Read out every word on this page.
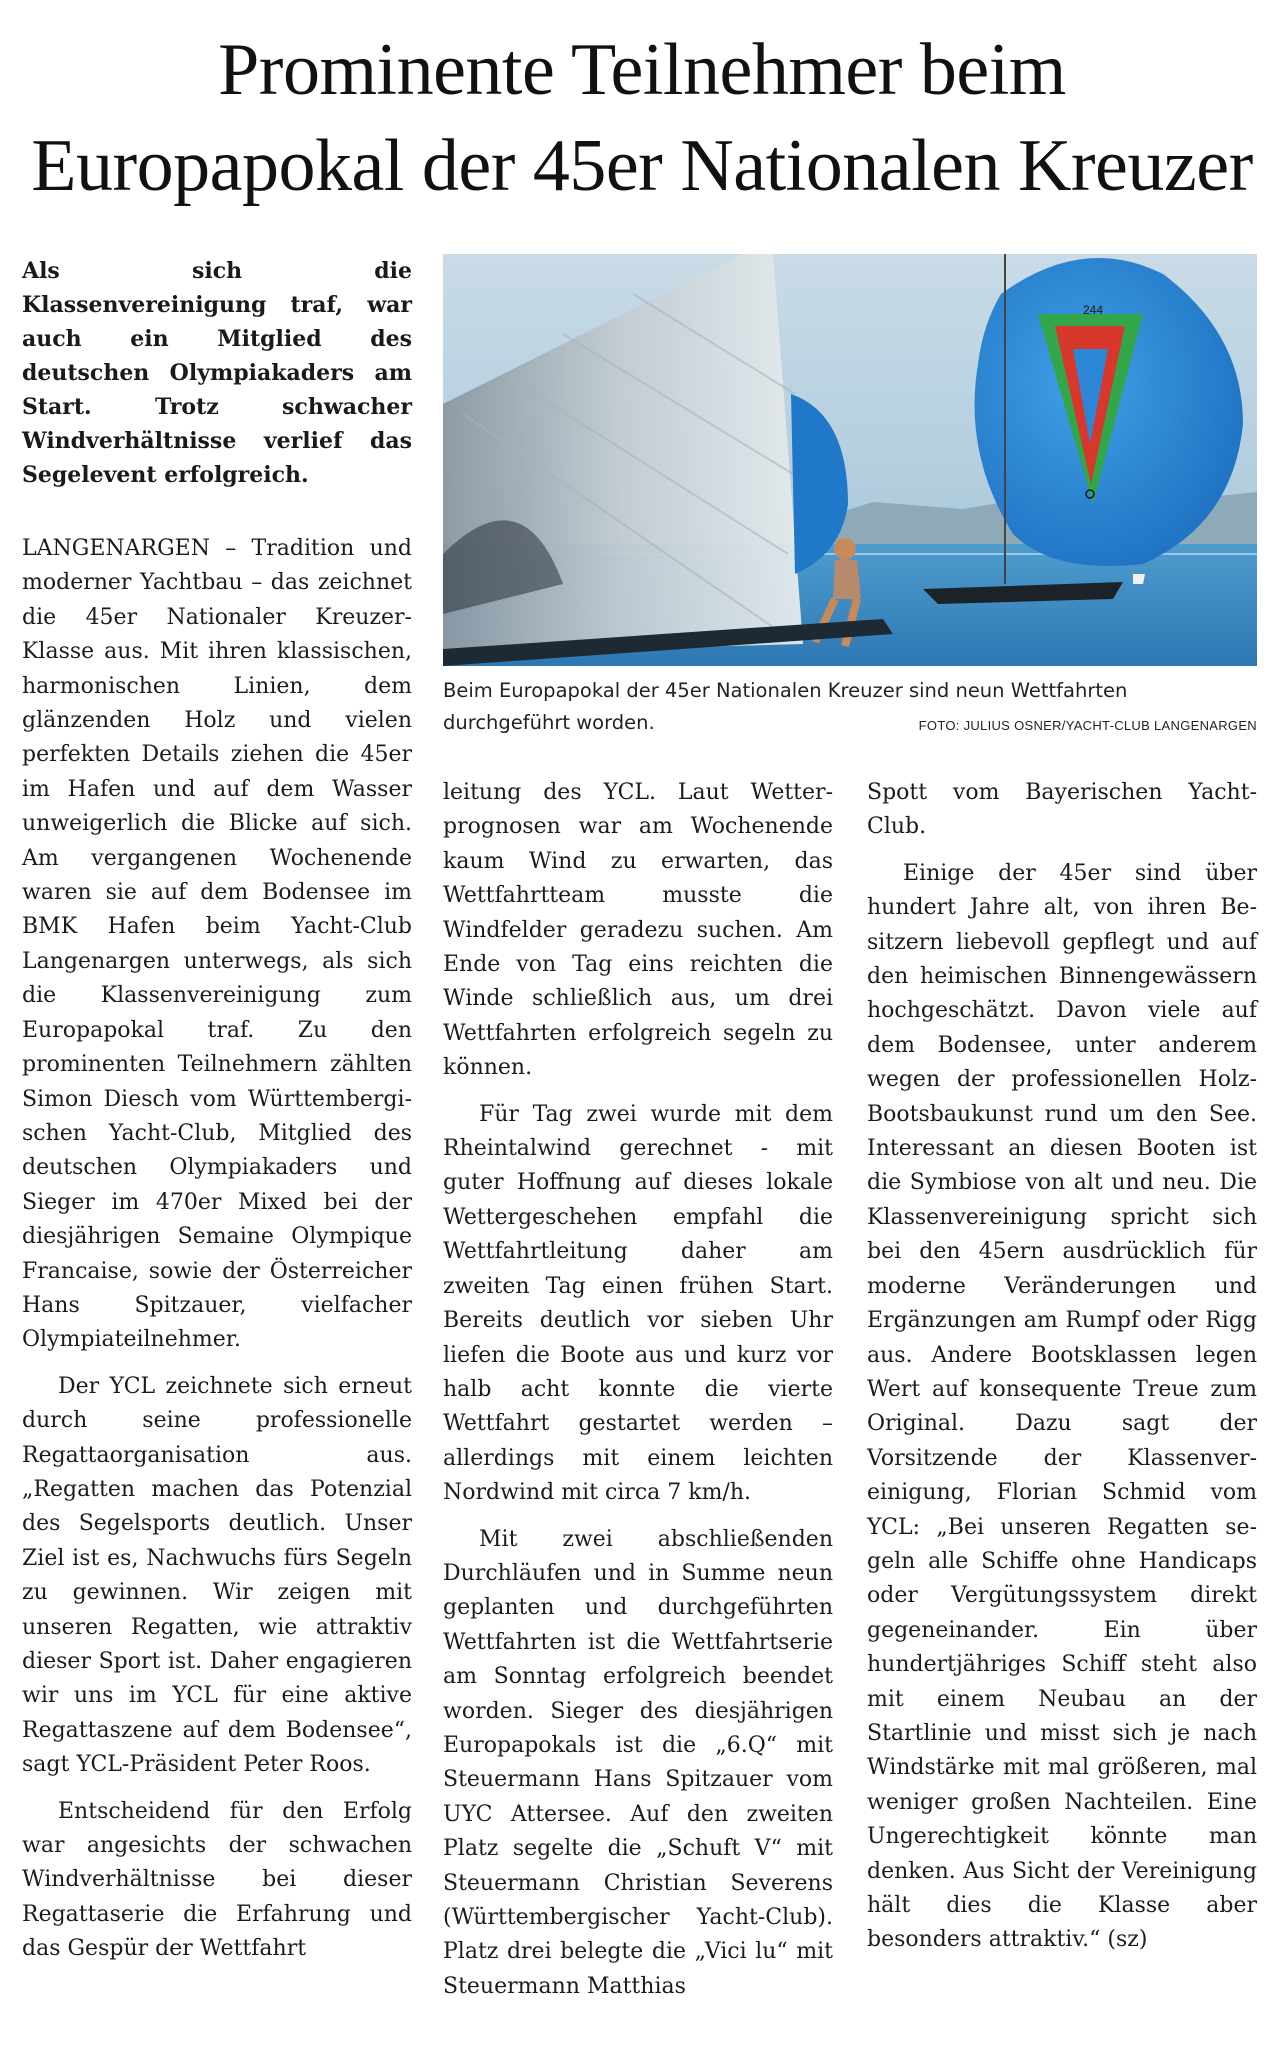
Prominente Teilnehmer beim
Europapokal der 45er Nationalen Kreuzer
Als sich die Klassenvereinigung traf, war auch ein Mitglied des deutschen Olympiakaders am Start. Trotz schwacher Windverhältnisse verlief das Segelevent erfolgreich.

LANGENARGEN – Tradition und moderner Yachtbau – das zeichnet die 45er Nationaler Kreuzer-Klasse aus. Mit ihren klassischen, harmonischen Linien, dem glänzenden Holz und vielen perfekten Details ziehen die 45er im Hafen und auf dem Wasser unweigerlich die Blicke auf sich. Am vergangenen Wochenende waren sie auf dem Bodensee im BMK Hafen beim Yacht-Club Langenargen unterwegs, als sich die Klassenvereinigung zum Europapokal traf. Zu den prominenten Teilnehmern zählten Simon Diesch vom Württembergischen Yacht-Club, Mitglied des deutschen Olympiakaders und Sieger im 470er Mixed bei der diesjährigen Semaine Olympique Francaise, sowie der Österreicher Hans Spitzauer, vielfacher Olympiateilnehmer.

Der YCL zeichnete sich erneut durch seine professionelle Regattaorganisation aus. „Regatten machen das Potenzial des Segelsports deutlich. Unser Ziel ist es, Nachwuchs fürs Segeln zu gewinnen. Wir zeigen mit unseren Regatten, wie attraktiv dieser Sport ist. Daher engagieren wir uns im YCL für eine aktive Regattaszene auf dem Bodensee“, sagt YCL-Präsident Peter Roos.

Entscheidend für den Erfolg war angesichts der schwachen Windverhältnisse bei dieser Regattaserie die Erfahrung und das Gespür der Wettfahrt

244
Beim Europapokal der 45er Nationalen Kreuzer sind neun Wettfahrten durchgeführt worden.	FOTO: JULIUS OSNER/YACHT-CLUB LANGENARGEN

leitung des YCL. Laut Wetterprognosen war am Wochenende kaum Wind zu erwarten, das Wettfahrtteam musste die Windfelder geradezu suchen. Am Ende von Tag eins reichten die Winde schließlich aus, um drei Wettfahrten erfolgreich segeln zu können.

Für Tag zwei wurde mit dem Rheintalwind gerechnet - mit guter Hoffnung auf dieses lokale Wettergeschehen empfahl die Wettfahrtleitung daher am zweiten Tag einen frühen Start. Bereits deutlich vor sieben Uhr liefen die Boote aus und kurz vor halb acht konnte die vierte Wettfahrt gestartet werden – allerdings mit einem leichten Nordwind mit circa 7 km/h.

Mit zwei abschließenden Durchläufen und in Summe neun geplanten und durchgeführten Wettfahrten ist die Wettfahrtserie am Sonntag erfolgreich beendet worden. Sieger des diesjährigen Europapokals ist die „6.Q“ mit Steuermann Hans Spitzauer vom UYC Attersee. Auf den zweiten Platz segelte die „Schuft V“ mit Steuermann Christian Severens (Württembergischer Yacht-Club). Platz drei belegte die „Vici lu“ mit Steuermann Matthias

Spott vom Bayerischen Yacht-Club.

Einige der 45er sind über hundert Jahre alt, von ihren Besitzern liebevoll gepflegt und auf den heimischen Binnengewässern hochgeschätzt. Davon viele auf dem Bodensee, unter anderem wegen der professionellen Holz-Bootsbaukunst rund um den See. Interessant an diesen Booten ist die Symbiose von alt und neu. Die Klassenvereinigung spricht sich bei den 45ern ausdrücklich für moderne Veränderungen und Ergänzungen am Rumpf oder Rigg aus. Andere Bootsklassen legen Wert auf konsequente Treue zum Original. Dazu sagt der Vorsitzende der Klassenvereinigung, Florian Schmid vom YCL: „Bei unseren Regatten segeln alle Schiffe ohne Handicaps oder Vergütungssystem direkt gegeneinander. Ein über hundertjähriges Schiff steht also mit einem Neubau an der Startlinie und misst sich je nach Windstärke mit mal größeren, mal weniger großen Nachteilen. Eine Ungerechtigkeit könnte man denken. Aus Sicht der Vereinigung hält dies die Klasse aber besonders attraktiv.“ (sz)
